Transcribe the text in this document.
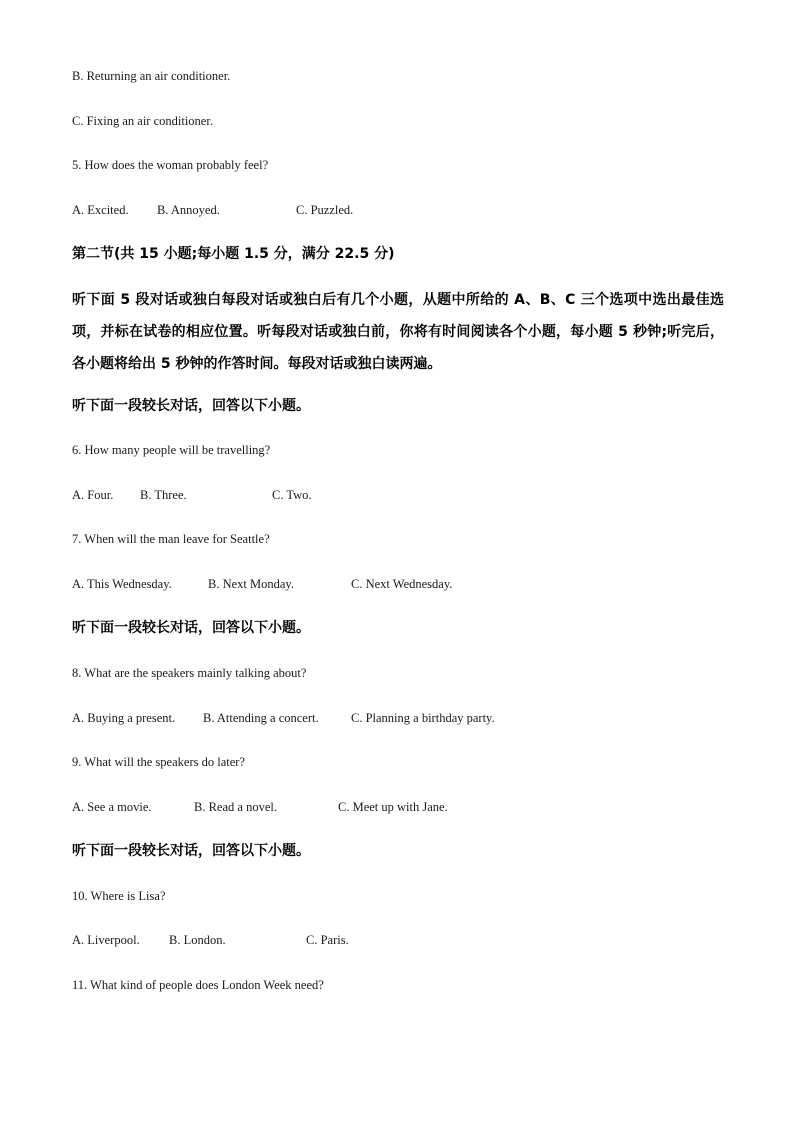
B. Returning an air conditioner.
C. Fixing an air conditioner.
5. How does the woman probably feel?
A. Excited. B. Annoyed.	C. Puzzled.
第二节(共 15 小题;每小题 1.5 分，满分 22.5 分)
听下面 5 段对话或独白每段对话或独白后有几个小题，从题中所给的 A、B、C 三个选项中选出最佳选项，并标在试卷的相应位置。听每段对话或独白前，你将有时间阅读各个小题，每小题 5 秒钟;听完后，各小题将给出 5 秒钟的作答时间。每段对话或独白读两遍。
听下面一段较长对话，回答以下小题。
6. How many people will be travelling?
A. Four. B. Three.	C. Two.
7. When will the man leave for Seattle?
A. This Wednesday.	B. Next Monday.	C. Next Wednesday.
听下面一段较长对话，回答以下小题。
8. What are the speakers mainly talking about?
A. Buying a present. B. Attending a concert.	C. Planning a birthday party.
9. What will the speakers do later?
A. See a movie.	B. Read a novel.	C. Meet up with Jane.
听下面一段较长对话，回答以下小题。
10. Where is Lisa?
A. Liverpool. B. London.	C. Paris.
11. What kind of people does London Week need?
